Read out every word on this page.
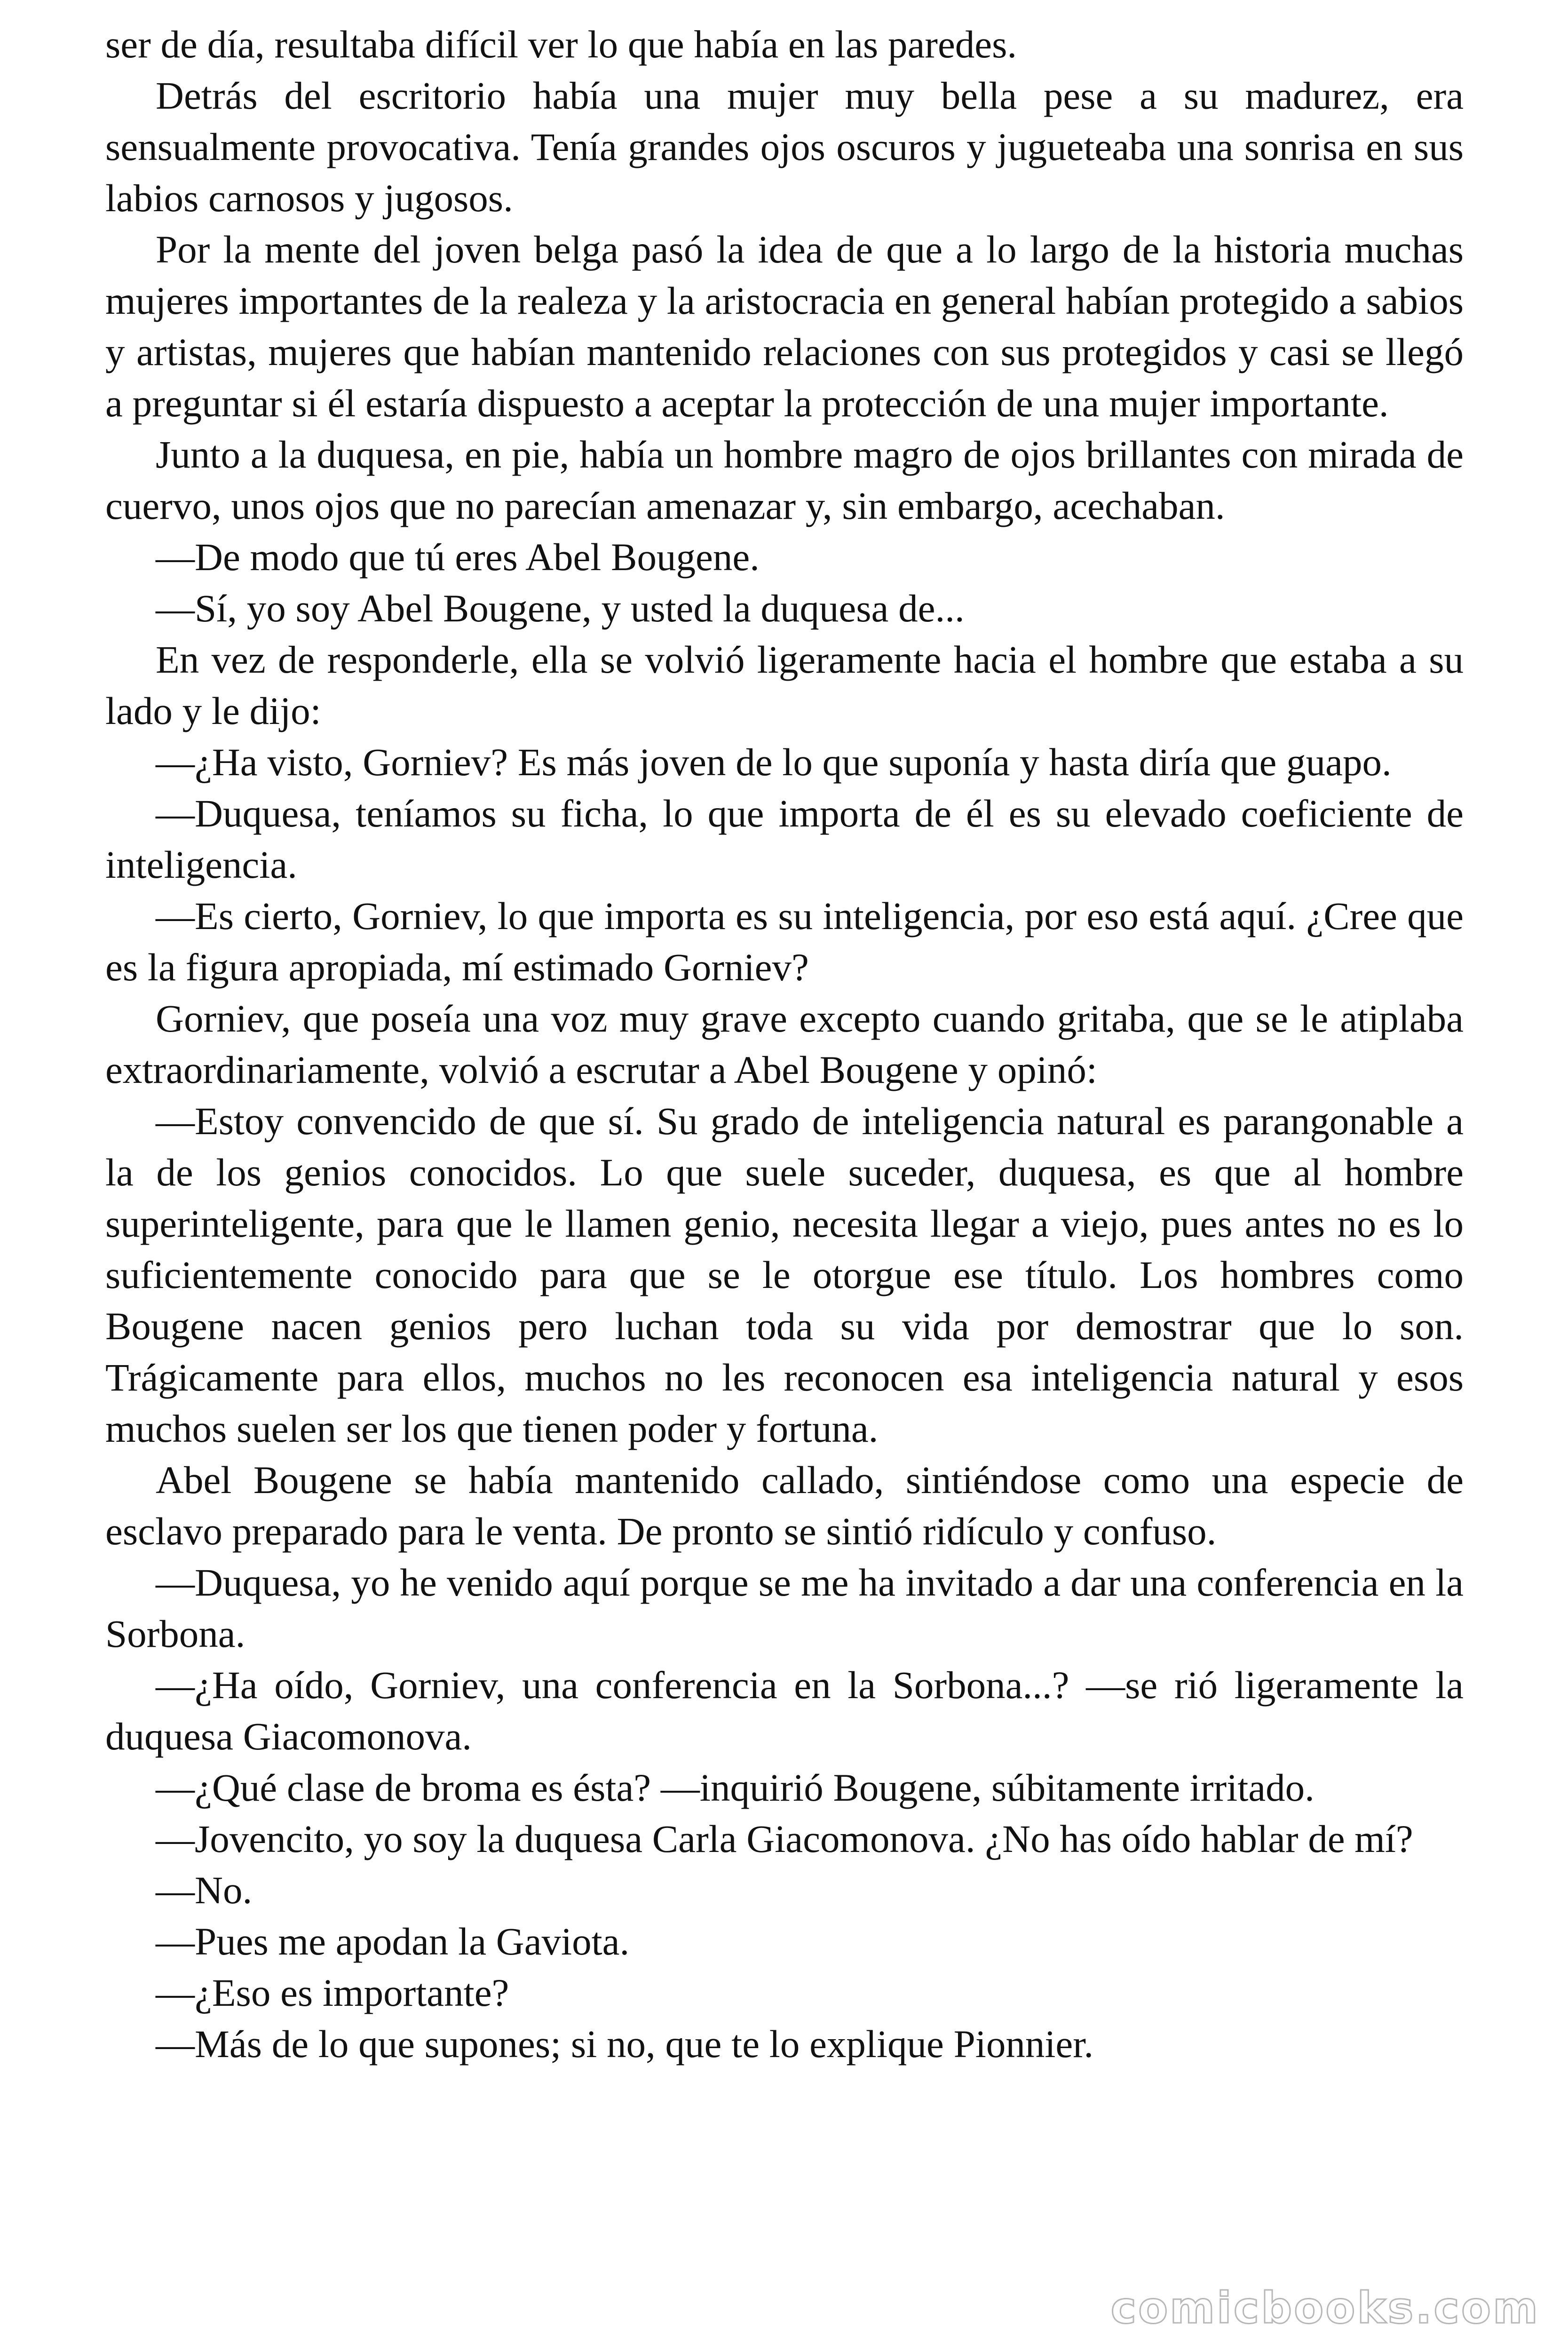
ser de día, resultaba difícil ver lo que había en las paredes.

Detrás del escritorio había una mujer muy bella pese a su madurez, era sensualmente provocativa. Tenía grandes ojos oscuros y jugueteaba una sonrisa en sus labios carnosos y jugosos.

Por la mente del joven belga pasó la idea de que a lo largo de la historia muchas mujeres importantes de la realeza y la aristocracia en general habían protegido a sabios y artistas, mujeres que habían mantenido relaciones con sus protegidos y casi se llegó a preguntar si él estaría dispuesto a aceptar la protección de una mujer importante.

Junto a la duquesa, en pie, había un hombre magro de ojos brillantes con mirada de cuervo, unos ojos que no parecían amenazar y, sin embargo, acechaban.

—De modo que tú eres Abel Bougene.

—Sí, yo soy Abel Bougene, y usted la duquesa de...

En vez de responderle, ella se volvió ligeramente hacia el hombre que estaba a su lado y le dijo:

—¿Ha visto, Gorniev? Es más joven de lo que suponía y hasta diría que guapo.

—Duquesa, teníamos su ficha, lo que importa de él es su elevado coeficiente de inteligencia.

—Es cierto, Gorniev, lo que importa es su inteligencia, por eso está aquí. ¿Cree que es la figura apropiada, mí estimado Gorniev?

Gorniev, que poseía una voz muy grave excepto cuando gritaba, que se le atiplaba extraordinariamente, volvió a escrutar a Abel Bougene y opinó:

—Estoy convencido de que sí. Su grado de inteligencia natural es parangonable a la de los genios conocidos. Lo que suele suceder, duquesa, es que al hombre superinteligente, para que le llamen genio, necesita llegar a viejo, pues antes no es lo suficientemente conocido para que se le otorgue ese título. Los hombres como Bougene nacen genios pero luchan toda su vida por demostrar que lo son. Trágicamente para ellos, muchos no les reconocen esa inteligencia natural y esos muchos suelen ser los que tienen poder y fortuna.

Abel Bougene se había mantenido callado, sintiéndose como una especie de esclavo preparado para le venta. De pronto se sintió ridículo y confuso.

—Duquesa, yo he venido aquí porque se me ha invitado a dar una conferencia en la Sorbona.

—¿Ha oído, Gorniev, una conferencia en la Sorbona...? —se rió ligeramente la duquesa Giacomonova.

—¿Qué clase de broma es ésta? —inquirió Bougene, súbitamente irritado.

—Jovencito, yo soy la duquesa Carla Giacomonova. ¿No has oído hablar de mí?

—No.

—Pues me apodan la Gaviota.

—¿Eso es importante?

—Más de lo que supones; si no, que te lo explique Pionnier.

comicbooks.com
